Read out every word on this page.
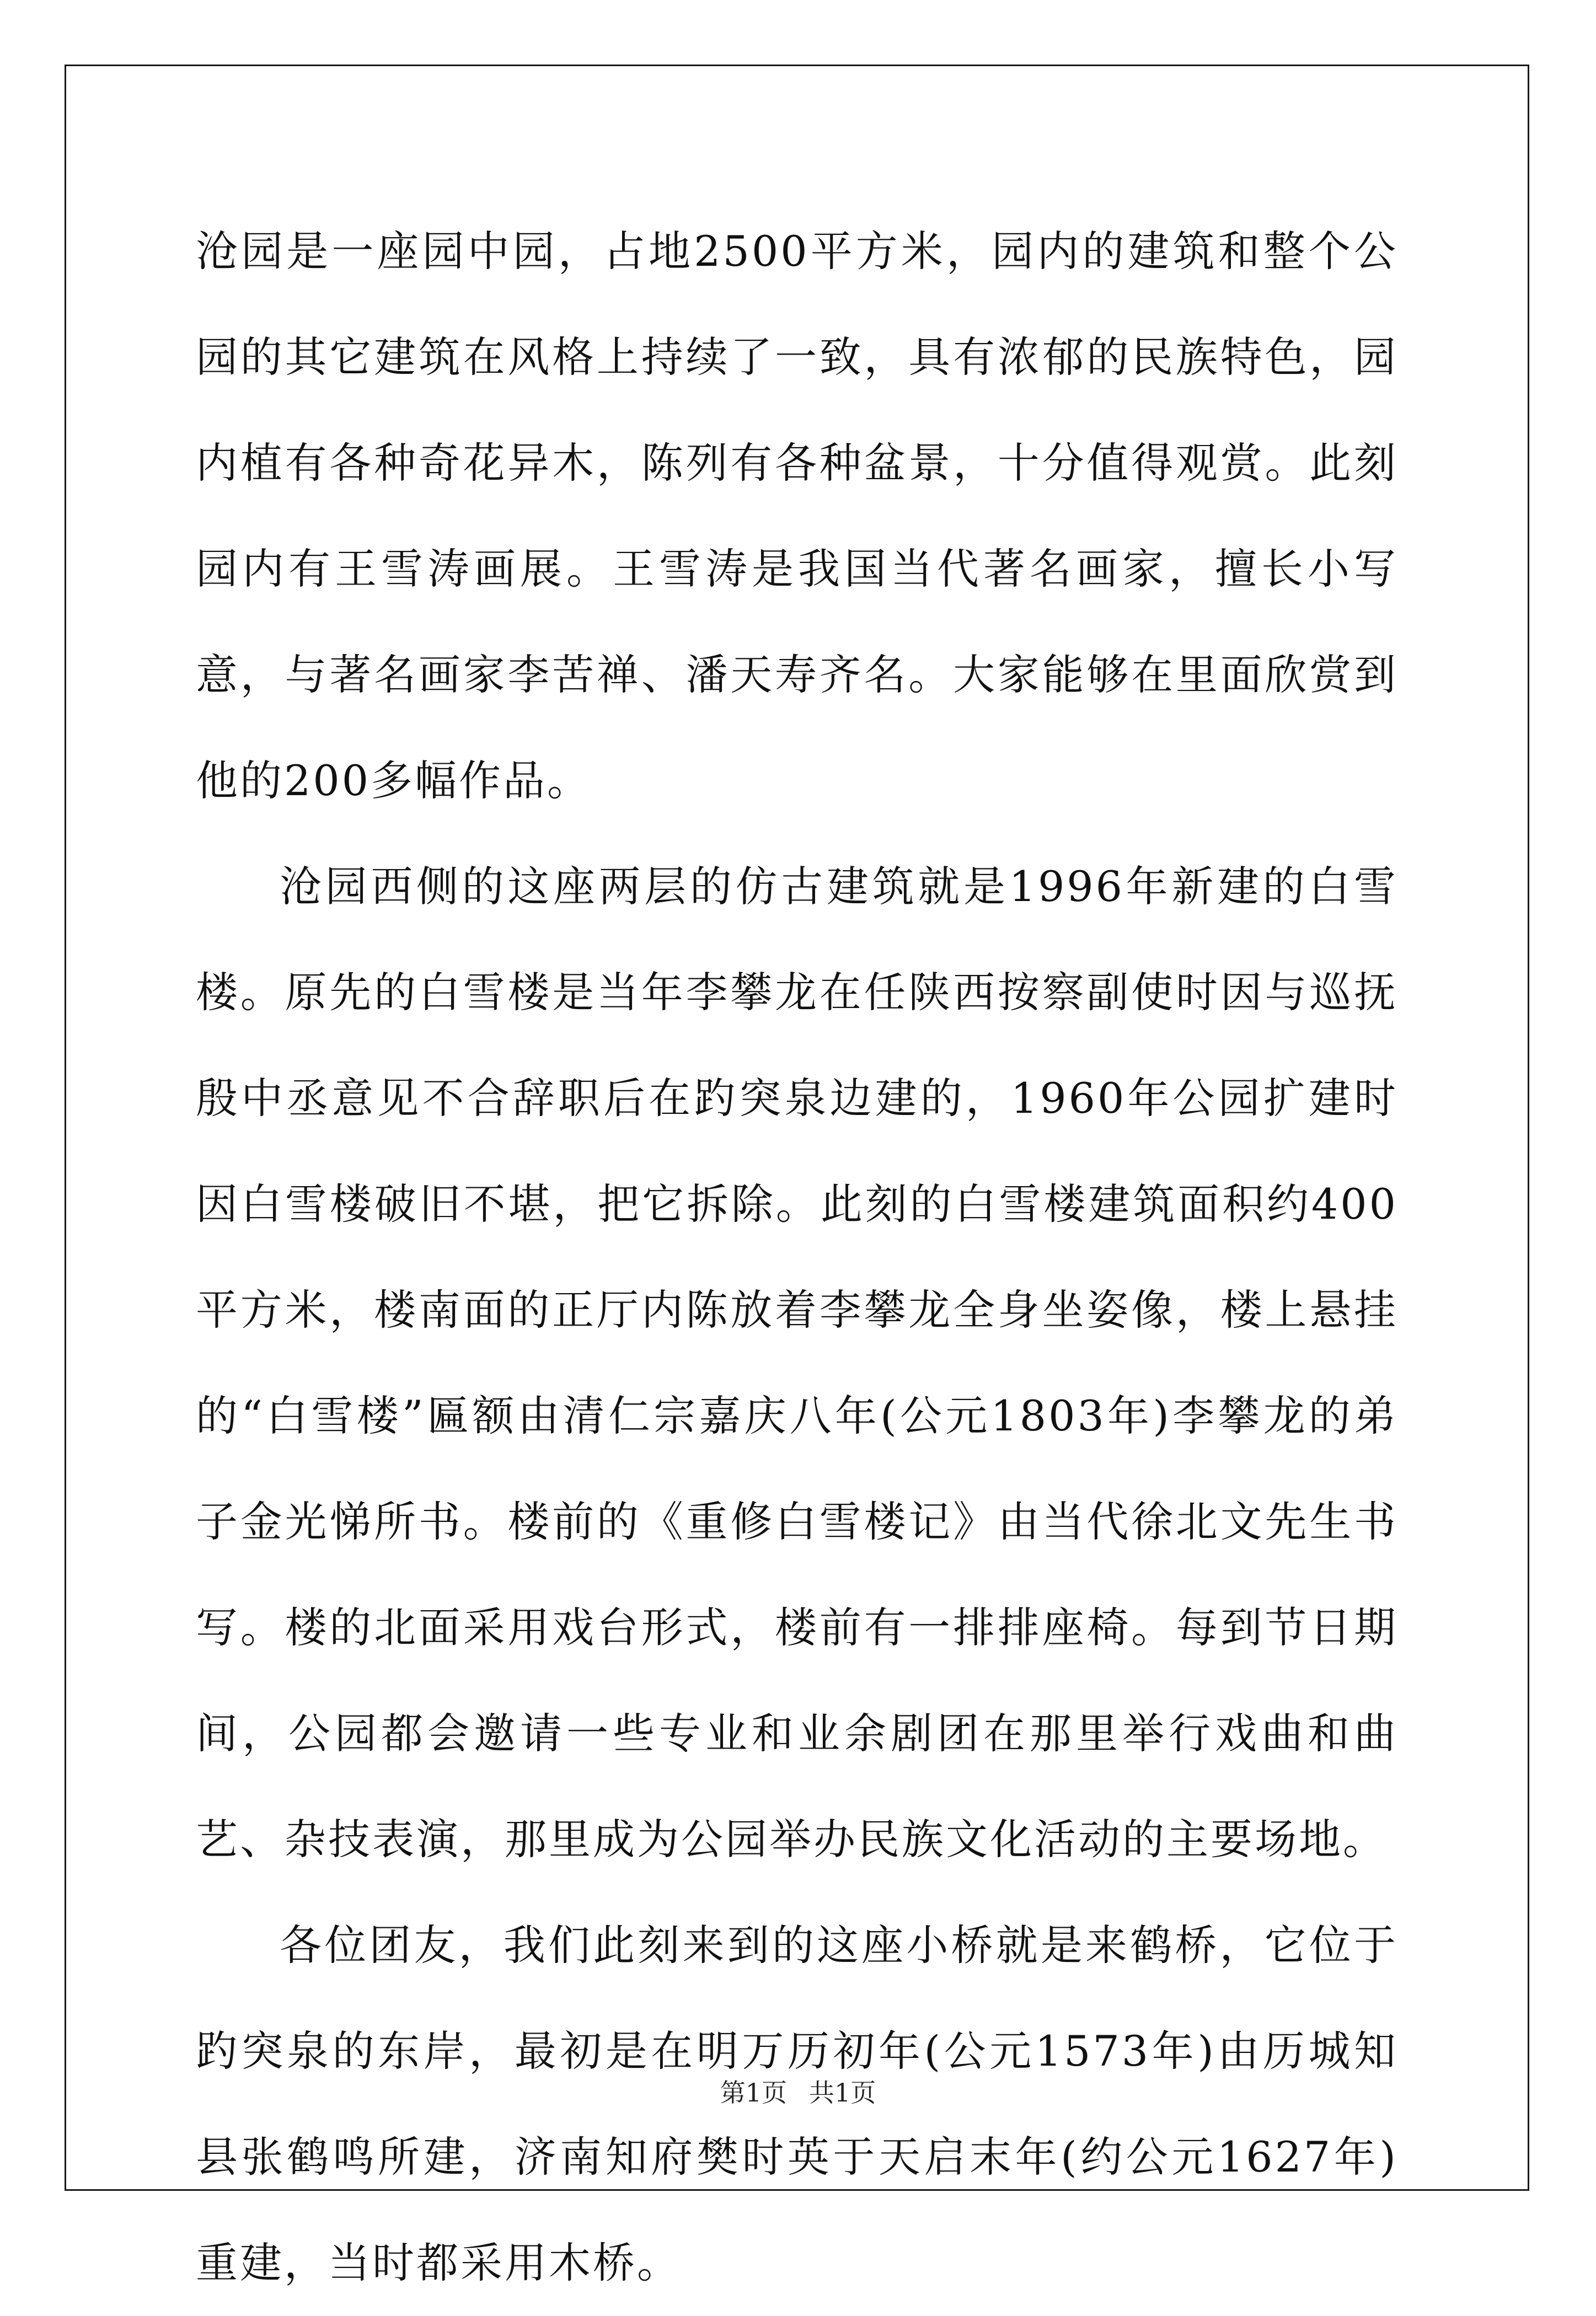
沧园是一座园中园，占地2500平方米，园内的建筑和整个公园的其它建筑在风格上持续了一致，具有浓郁的民族特色，园内植有各种奇花异木，陈列有各种盆景，十分值得观赏。此刻园内有王雪涛画展。王雪涛是我国当代著名画家，擅长小写意，与著名画家李苦禅、潘天寿齐名。大家能够在里面欣赏到他的200多幅作品。

沧园西侧的这座两层的仿古建筑就是1996年新建的白雪楼。原先的白雪楼是当年李攀龙在任陕西按察副使时因与巡抚殷中丞意见不合辞职后在趵突泉边建的，1960年公园扩建时因白雪楼破旧不堪，把它拆除。此刻的白雪楼建筑面积约400平方米，楼南面的正厅内陈放着李攀龙全身坐姿像，楼上悬挂的“白雪楼”匾额由清仁宗嘉庆八年(公元1803年)李攀龙的弟子金光悌所书。楼前的《重修白雪楼记》由当代徐北文先生书写。楼的北面采用戏台形式，楼前有一排排座椅。每到节日期间，公园都会邀请一些专业和业余剧团在那里举行戏曲和曲艺、杂技表演，那里成为公园举办民族文化活动的主要场地。

各位团友，我们此刻来到的这座小桥就是来鹤桥，它位于趵突泉的东岸，最初是在明万历初年(公元1573年)由历城知县张鹤鸣所建，济南知府樊时英于天启末年(约公元1627年)重建，当时都采用木桥。

第1页 共1页
